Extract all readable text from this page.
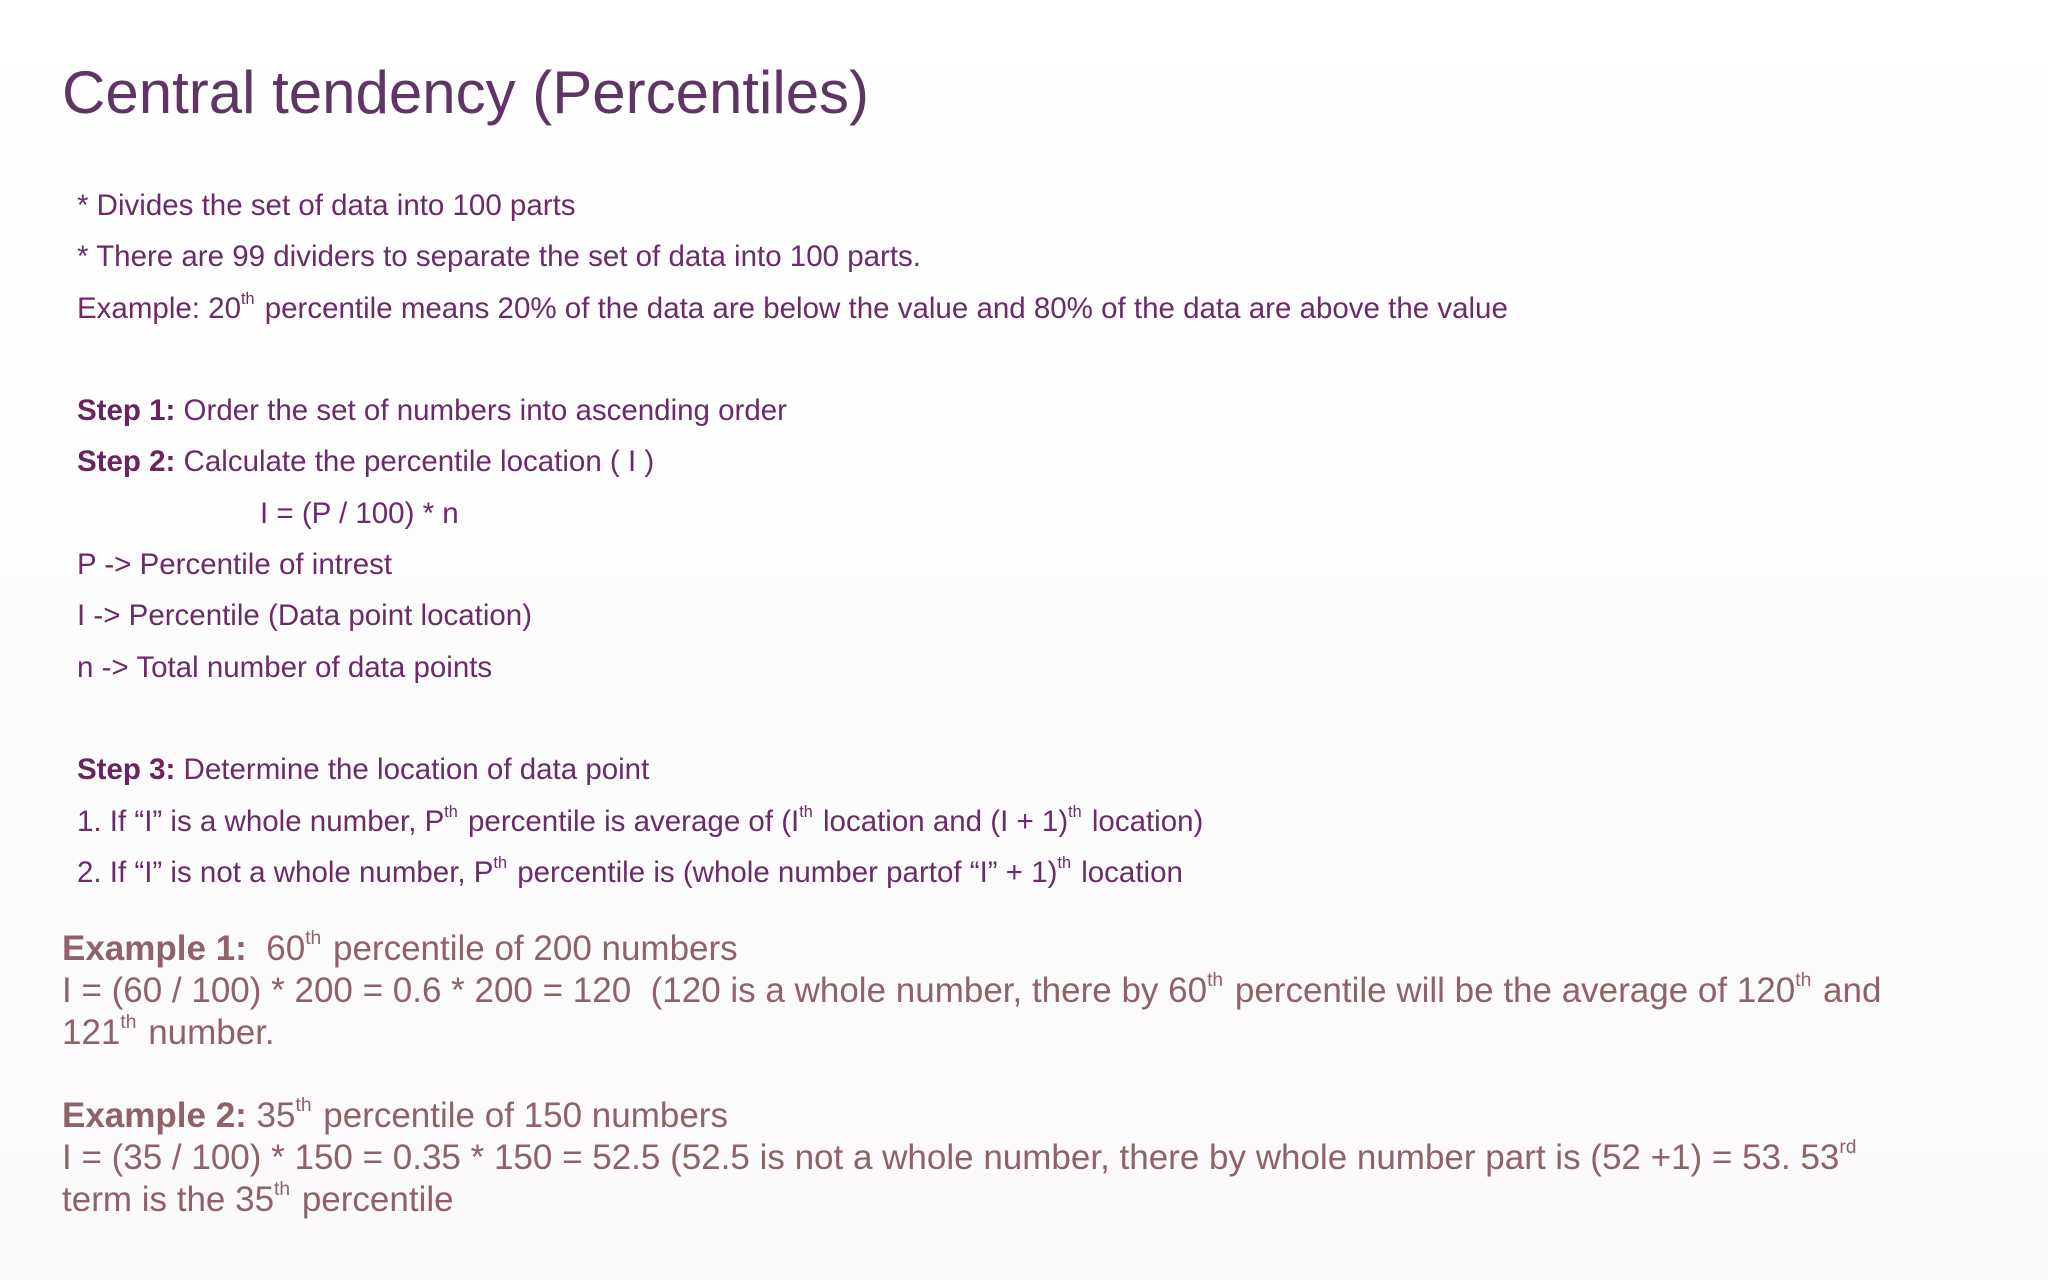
Central tendency (Percentiles)
* Divides the set of data into 100 parts
* There are 99 dividers to separate the set of data into 100 parts.
Example: 20th percentile means 20% of the data are below the value and 80% of the data are above the value
Step 1: Order the set of numbers into ascending order
Step 2: Calculate the percentile location ( I )
I = (P / 100) * n
P -> Percentile of intrest
I -> Percentile (Data point location)
n -> Total number of data points
Step 3: Determine the location of data point
1. If “I” is a whole number, $P^{th}$ percentile is average of (Ith location and $(I + 1)^{th}$ location)
2. If “I” is not a whole number, $P^{th}$ percentile is (whole number partof “I” + 1)$^{th}$ location
Example 1:  60th percentile of 200 numbers
I = (60 / 100) * 200 = 0.6 * 200 = 120  (120 is a whole number, there by 60th percentile will be the average of 120th and
121th number.
Example 2: 35th percentile of 150 numbers
I = (35 / 100) * 150 = 0.35 * 150 = 52.5 (52.5 is not a whole number, there by whole number part is (52 +1) = 53. 53rd
term is the 35th percentile
